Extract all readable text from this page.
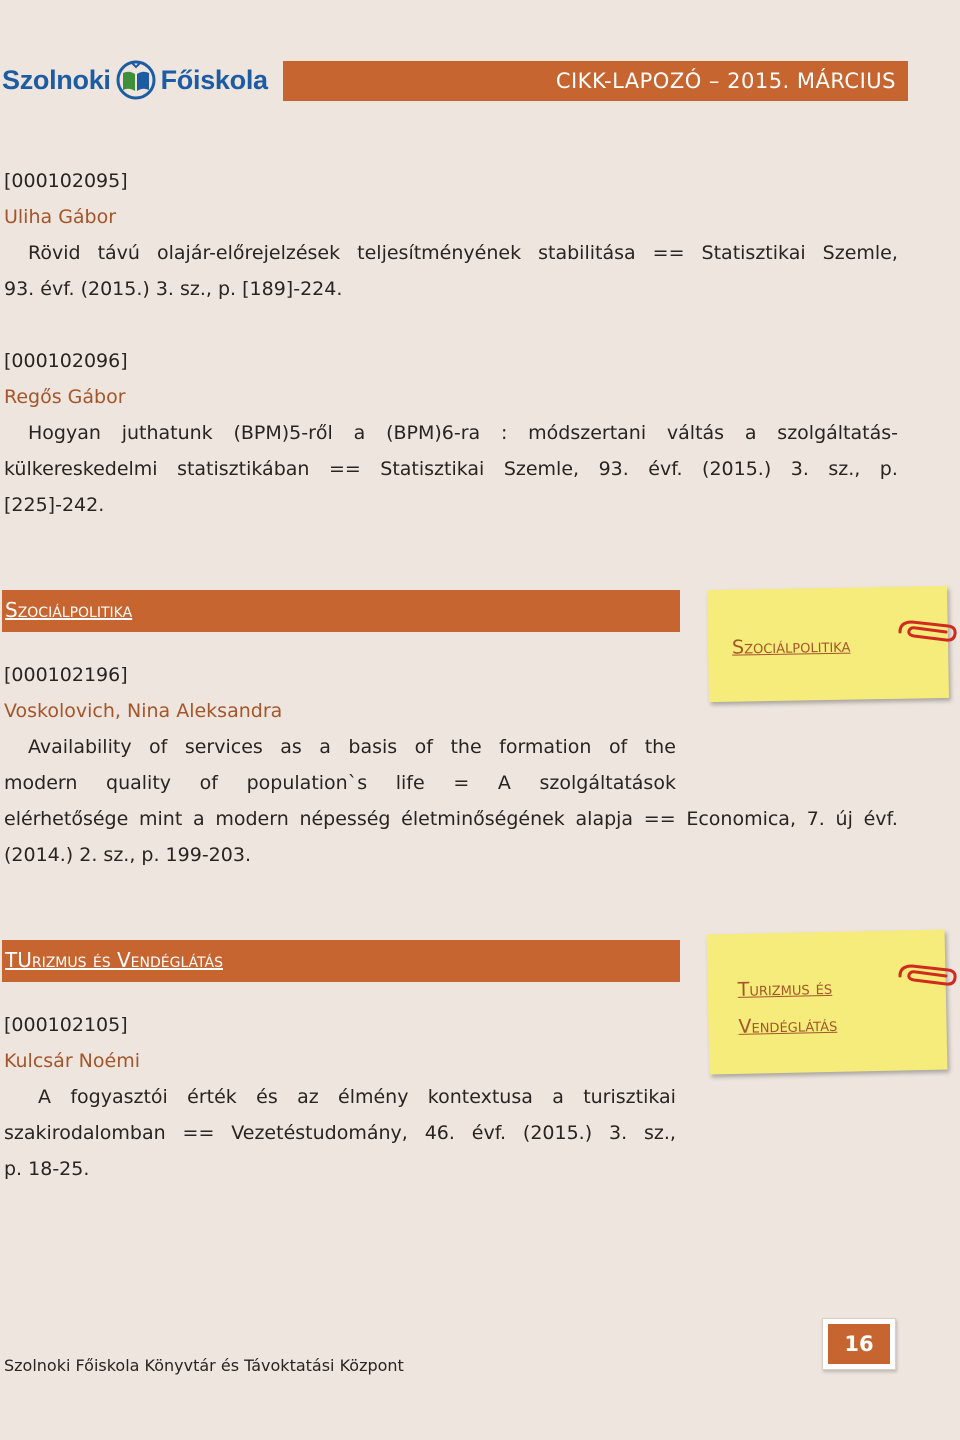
Szolnoki Főiskola	CIKK-LAPOZÓ – 2015. MÁRCIUS
[000102095]
Uliha Gábor
Rövid távú olajár-előrejelzések teljesítményének stabilitása == Statisztikai Szemle,
93. évf. (2015.) 3. sz., p. [189]-224.
[000102096]
Regős Gábor
Hogyan juthatunk (BPM)5-ről a (BPM)6-ra : módszertani váltás a szolgáltatás-
külkereskedelmi statisztikában == Statisztikai Szemle, 93. évf. (2015.) 3. sz., p.
[225]-242.
Szociálpolitika
Szociálpolitika
[000102196]
Voskolovich, Nina Aleksandra
Availability of services as a basis of the formation of the
modern quality of population`s life = A szolgáltatások
elérhetősége mint a modern népesség életminőségének alapja == Economica, 7. új évf.
(2014.) 2. sz., p. 199-203.
TUrizmus és Vendéglátás
Turizmus és
Vendéglátás
[000102105]
Kulcsár Noémi
A fogyasztói érték és az élmény kontextusa a turisztikai
szakirodalomban == Vezetéstudomány, 46. évf. (2015.) 3. sz.,
p. 18-25.
Szolnoki Főiskola Könyvtár és Távoktatási Központ
16
